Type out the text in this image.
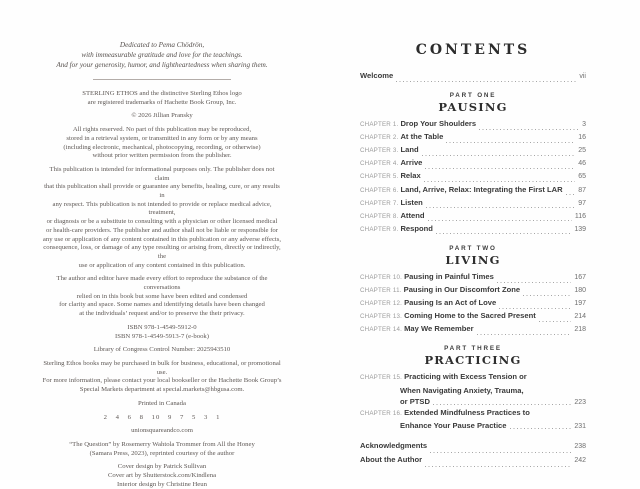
Dedicated to Pema Chödrön,
with immeasurable gratitude and love for the teachings.
And for your generosity, humor, and lightheartedness when sharing them.
STERLING ETHOS and the distinctive Sterling Ethos logo
are registered trademarks of Hachette Book Group, Inc.
© 2026 Jillian Pransky
All rights reserved. No part of this publication may be reproduced,
stored in a retrieval system, or transmitted in any form or by any means
(including electronic, mechanical, photocopying, recording, or otherwise)
without prior written permission from the publisher.
This publication is intended for informational purposes only. The publisher does not claim
that this publication shall provide or guarantee any benefits, healing, cure, or any results in
any respect. This publication is not intended to provide or replace medical advice, treatment,
or diagnosis or be a substitute to consulting with a physician or other licensed medical
or health-care providers. The publisher and author shall not be liable or responsible for
any use or application of any content contained in this publication or any adverse effects,
consequence, loss, or damage of any type resulting or arising from, directly or indirectly, the
use or application of any content contained in this publication.
The author and editor have made every effort to reproduce the substance of the conversations
relied on in this book but some have been edited and condensed
for clarity and space. Some names and identifying details have been changed
at the individuals’ request and/or to preserve the their privacy.
ISBN 978-1-4549-5912-0
ISBN 978-1-4549-5913-7 (e-book)
Library of Congress Control Number: 2025943510
Sterling Ethos books may be purchased in bulk for business, educational, or promotional use.
For more information, please contact your local bookseller or the Hachette Book Group’s
Special Markets department at special.markets@hbgusa.com.
Printed in Canada
2 4 6 8 10 9 7 5 3 1
unionsquareandco.com
“The Question” by Rosemerry Wahtola Trommer from All the Honey
(Samara Press, 2023), reprinted courtesy of the author
Cover design by Patrick Sullivan
Cover art by Shutterstock.com/Kindlena
Interior design by Christine Heun
CONTENTS
Welcome	vii
PART ONE
PAUSING
CHAPTER 1. Drop Your Shoulders	3
CHAPTER 2. At the Table	16
CHAPTER 3. Land	25
CHAPTER 4. Arrive	46
CHAPTER 5. Relax	65
CHAPTER 6. Land, Arrive, Relax: Integrating the First LAR 87
CHAPTER 7. Listen	97
CHAPTER 8. Attend	116
CHAPTER 9. Respond	139
PART TWO
LIVING
CHAPTER 10. Pausing in Painful Times	167
CHAPTER 11. Pausing in Our Discomfort Zone	180
CHAPTER 12. Pausing Is an Act of Love	197
CHAPTER 13. Coming Home to the Sacred Present	214
CHAPTER 14. May We Remember	218
PART THREE
PRACTICING
CHAPTER 15. Practicing with Excess Tension or
When Navigating Anxiety, Trauma,
or PTSD	223
CHAPTER 16. Extended Mindfulness Practices to
Enhance Your Pause Practice	231
Acknowledgments	238
About the Author	242
